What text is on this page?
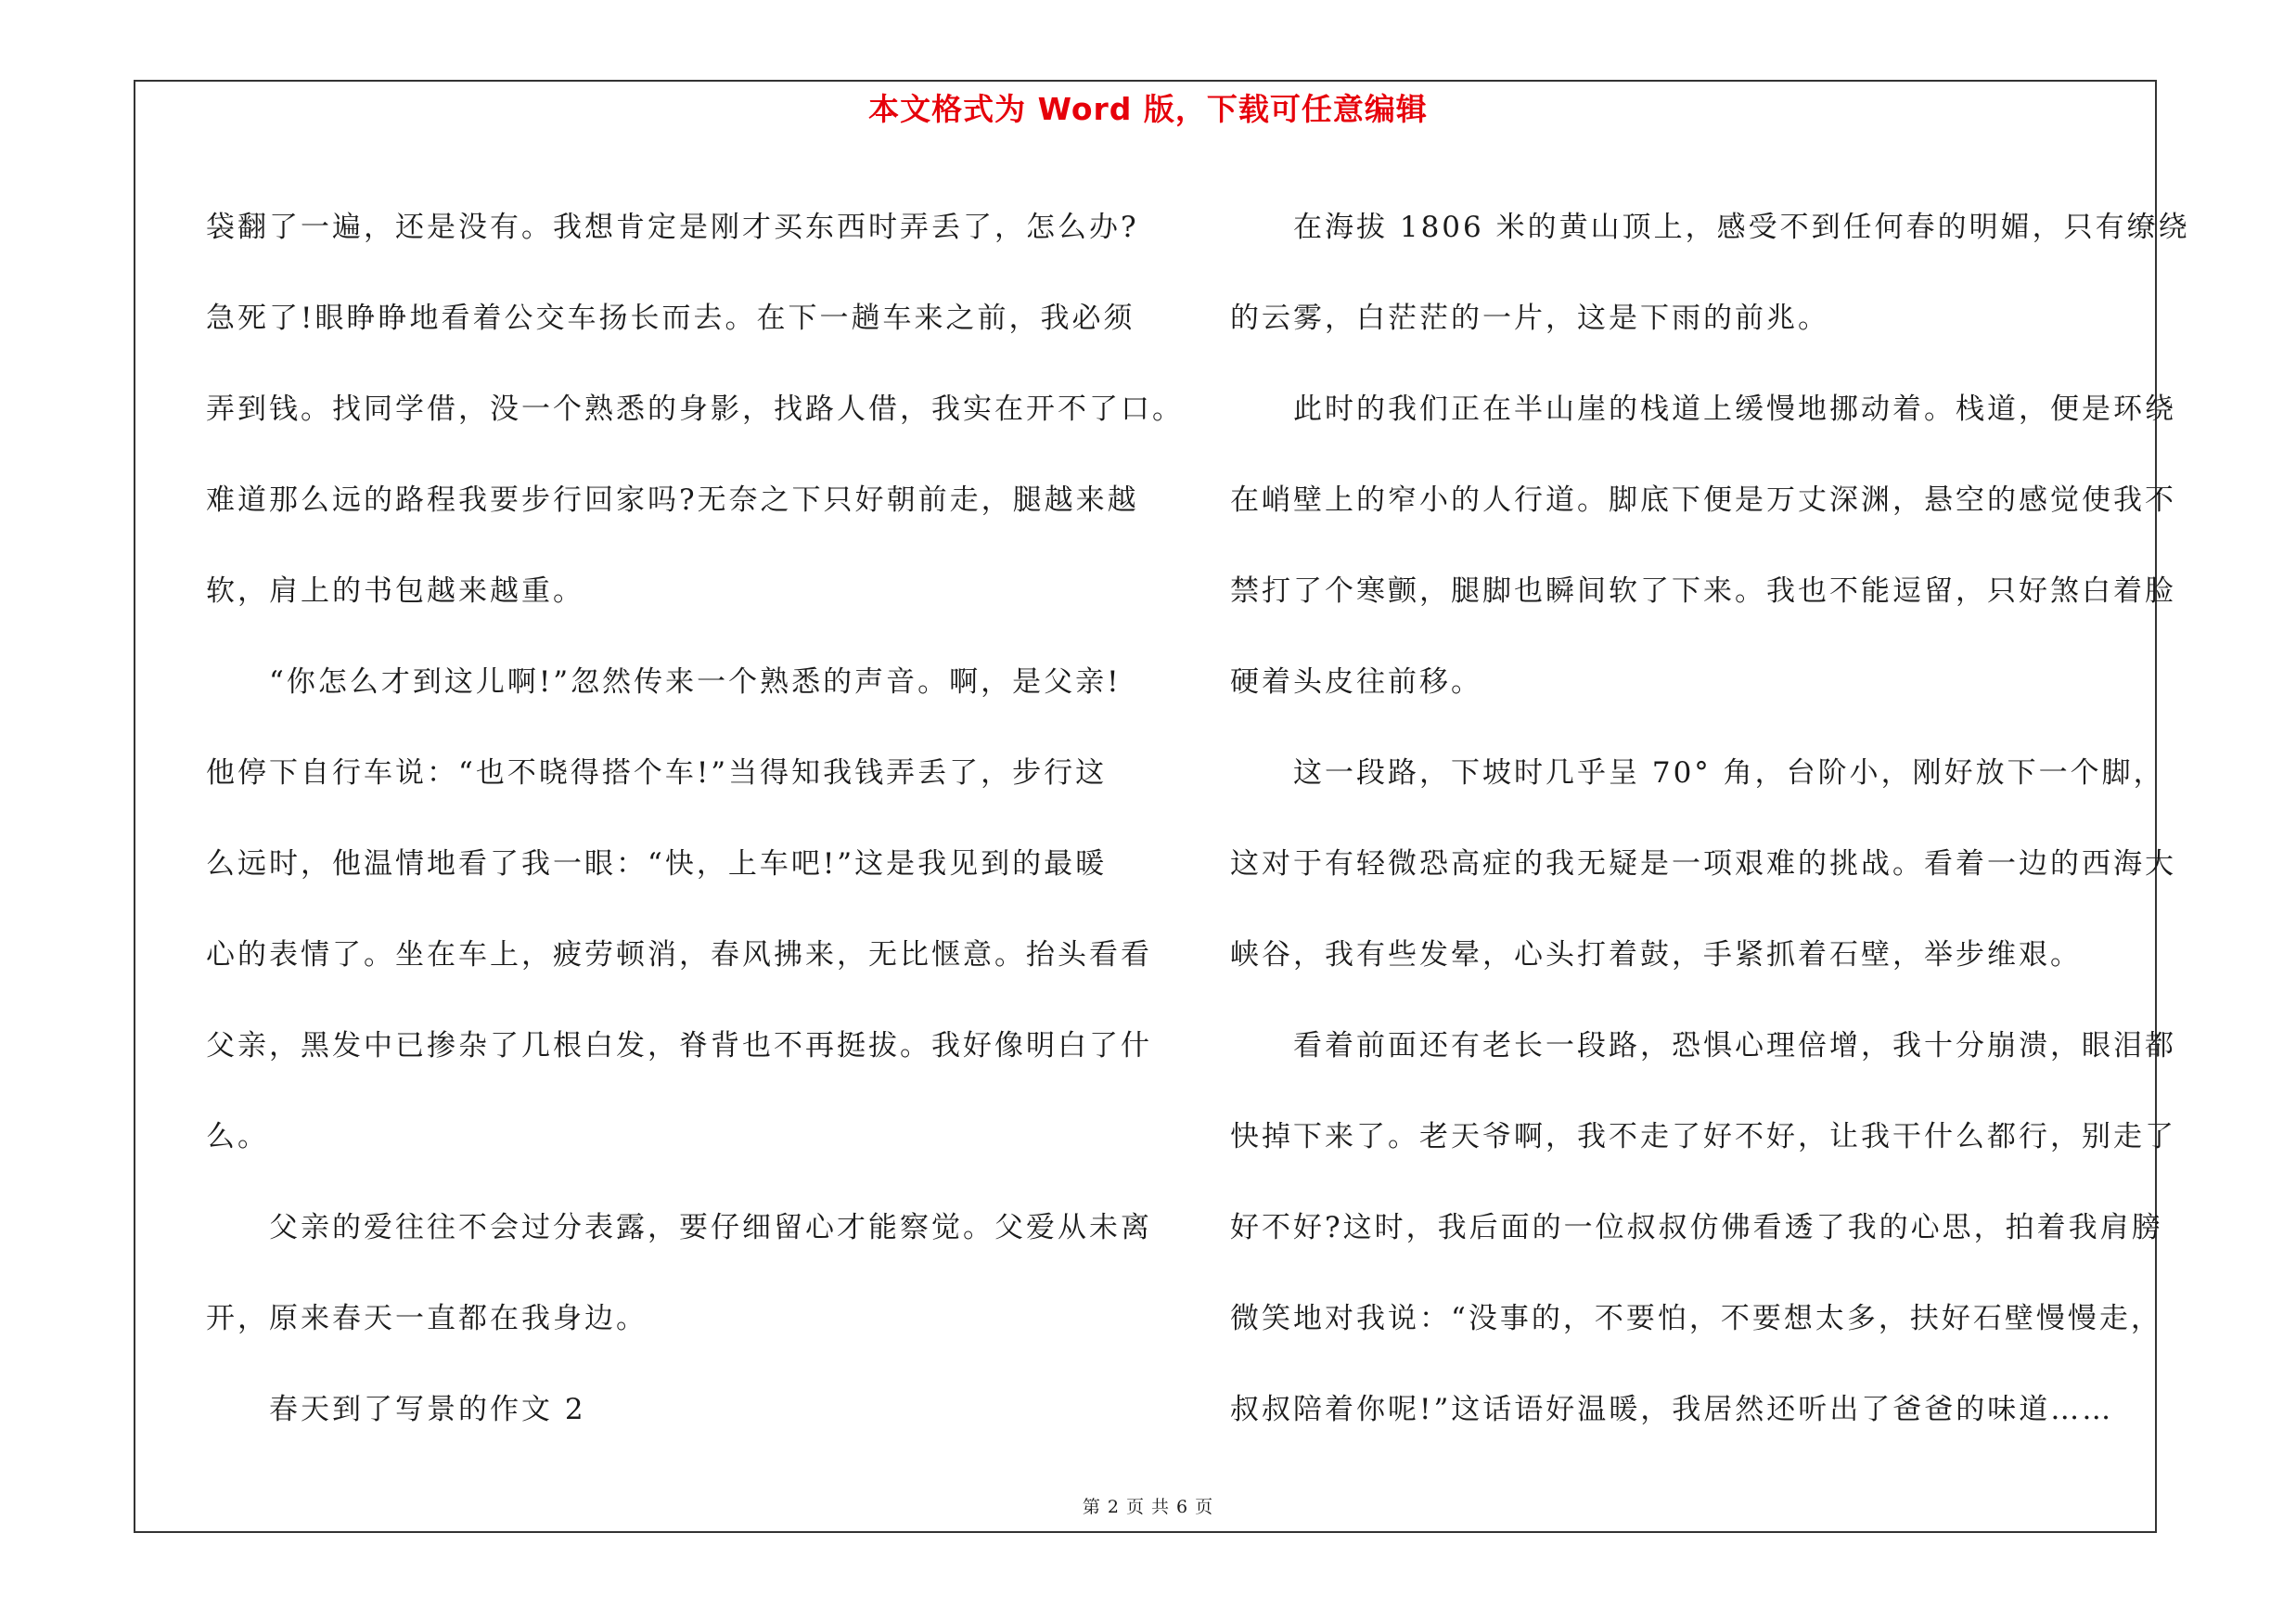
本文格式为 Word 版，下载可任意编辑

袋翻了一遍，还是没有。我想肯定是刚才买东西时弄丢了，怎么办?

急死了!眼睁睁地看着公交车扬长而去。在下一趟车来之前，我必须

弄到钱。找同学借，没一个熟悉的身影，找路人借，我实在开不了口。

难道那么远的路程我要步行回家吗?无奈之下只好朝前走，腿越来越

软，肩上的书包越来越重。

　　“你怎么才到这儿啊!”忽然传来一个熟悉的声音。啊，是父亲!

他停下自行车说：“也不晓得搭个车!”当得知我钱弄丢了，步行这

么远时，他温情地看了我一眼：“快，上车吧!”这是我见到的最暖

心的表情了。坐在车上，疲劳顿消，春风拂来，无比惬意。抬头看看

父亲，黑发中已掺杂了几根白发，脊背也不再挺拔。我好像明白了什

么。

　　父亲的爱往往不会过分表露，要仔细留心才能察觉。父爱从未离

开，原来春天一直都在我身边。

　　春天到了写景的作文 2

　　在海拔 1806 米的黄山顶上，感受不到任何春的明媚，只有缭绕

的云雾，白茫茫的一片，这是下雨的前兆。

　　此时的我们正在半山崖的栈道上缓慢地挪动着。栈道，便是环绕

在峭壁上的窄小的人行道。脚底下便是万丈深渊，悬空的感觉使我不

禁打了个寒颤，腿脚也瞬间软了下来。我也不能逗留，只好煞白着脸

硬着头皮往前移。

　　这一段路，下坡时几乎呈 70° 角，台阶小，刚好放下一个脚，

这对于有轻微恐高症的我无疑是一项艰难的挑战。看着一边的西海大

峡谷，我有些发晕，心头打着鼓，手紧抓着石壁，举步维艰。

　　看着前面还有老长一段路，恐惧心理倍增，我十分崩溃，眼泪都

快掉下来了。老天爷啊，我不走了好不好，让我干什么都行，别走了

好不好?这时，我后面的一位叔叔仿佛看透了我的心思，拍着我肩膀

微笑地对我说：“没事的，不要怕，不要想太多，扶好石壁慢慢走，

叔叔陪着你呢!”这话语好温暖，我居然还听出了爸爸的味道……

第 2 页 共 6 页
